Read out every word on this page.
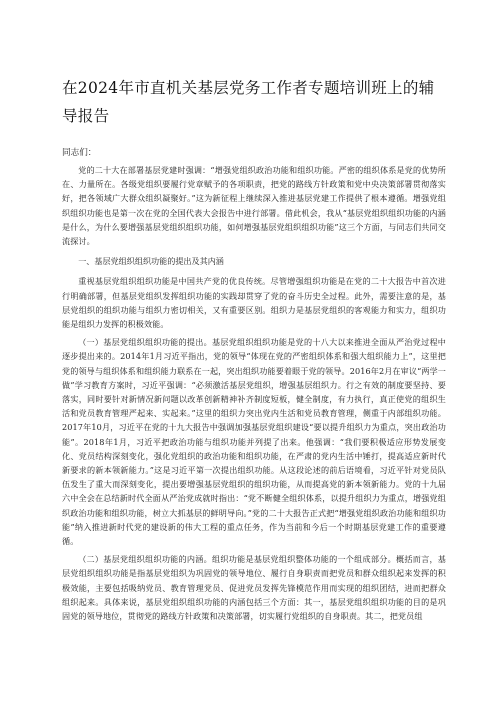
在2024年市直机关基层党务工作者专题培训班上的辅导报告

同志们：

党的二十大在部署基层党建时强调：“增强党组织政治功能和组织功能。严密的组织体系是党的优势所在、力量所在。各级党组织要履行党章赋予的各项职责，把党的路线方针政策和党中央决策部署贯彻落实好，把各领域广大群众组织凝聚好。”这为新征程上继续深入推进基层党建工作提供了根本遵循。增强党组织组织功能也是第一次在党的全国代表大会报告中进行部署。借此机会，我从“基层党组织组织功能的内涵是什么，为什么要增强基层党组织组织功能，如何增强基层党组织组织功能”这三个方面，与同志们共同交流探讨。

一、基层党组织组织功能的提出及其内涵

重视基层党组织组织功能是中国共产党的优良传统。尽管增强组织功能是在党的二十大报告中首次进行明确部署，但基层党组织发挥组织功能的实践却贯穿了党的奋斗历史全过程。此外，需要注意的是，基层党组织的组织功能与组织力密切相关，又有重要区别。组织力是基层党组织的客观能力和实力，组织功能是组织力发挥的积极效能。

（一）基层党组织组织功能的提出。基层党组织组织功能是党的十八大以来推进全面从严治党过程中逐步提出来的。2014年1月习近平指出，党的领导“体现在党的严密组织体系和强大组织能力上”，这里把党的领导与组织体系和组织能力联系在一起，突出组织功能要着眼于党的领导。2016年2月在审议“两学一做”学习教育方案时，习近平强调：“必须激活基层党组织，增强基层组织力。行之有效的制度要坚持、要落实，同时要针对新情况新问题以改革创新精神补齐制度短板，健全制度，有力执行，真正使党的组织生活和党员教育管理严起来、实起来。”这里的组织力突出党内生活和党员教育管理，侧重于内部组织功能。2017年10月，习近平在党的十九大报告中强调加强基层党组织建设“要以提升组织力为重点，突出政治功能”。2018年1月，习近平把政治功能与组织功能并列提了出来。他强调：“我们要积极适应形势发展变化、党员结构深刻变化，强化党组织的政治功能和组织功能，在严肃的党内生活中锤打，提高适应新时代新要求的新本领新能力。”这是习近平第一次提出组织功能。从这段论述的前后语境看，习近平针对党员队伍发生了重大而深刻变化，提出要增强基层党组织的组织功能，从而提高党的新本领新能力。党的十九届六中全会在总结新时代全面从严治党成就时指出：“党不断健全组织体系，以提升组织力为重点，增强党组织政治功能和组织功能，树立大抓基层的鲜明导向。”党的二十大报告正式把“增强党组织政治功能和组织功能”纳入推进新时代党的建设新的伟大工程的重点任务，作为当前和今后一个时期基层党建工作的重要遵循。

（二）基层党组织组织功能的内涵。组织功能是基层党组织整体功能的一个组成部分。概括而言，基层党组织组织功能是指基层党组织为巩固党的领导地位、履行自身职责而把党员和群众组织起来发挥的积极效能，主要包括吸纳党员、教育管理党员、促进党员发挥先锋模范作用而实现的组织团结，进而把群众组织起来。具体来说，基层党组织组织功能的内涵包括三个方面：其一，基层党组织组织功能的目的是巩固党的领导地位，贯彻党的路线方针政策和决策部署，切实履行党组织的自身职责。其二，把党员组
